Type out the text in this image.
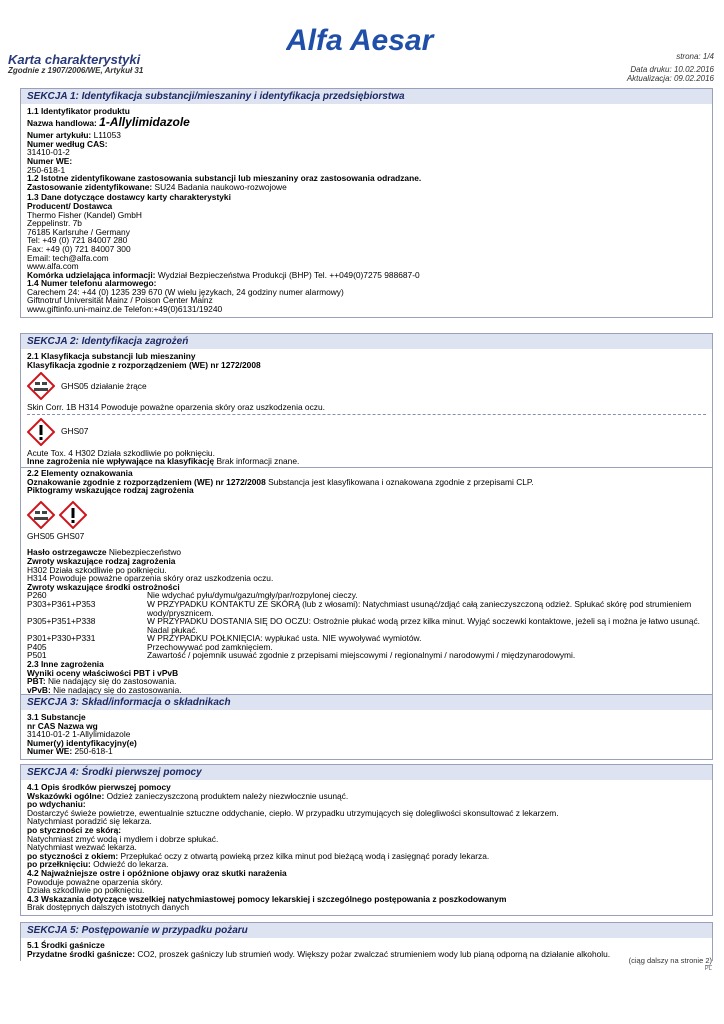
Alfa Aesar
Karta charakterystyki
Zgodnie z 1907/2006/WE, Artykuł 31
strona: 1/4
Data druku: 10.02.2016
Aktualizacja: 09.02.2016
SEKCJA 1: Identyfikacja substancji/mieszaniny i identyfikacja przedsiębiorstwa
1.1 Identyfikator produktu
Nazwa handlowa: 1-Allylimidazole
Numer artykułu: L11053
Numer według CAS:
31410-01-2
Numer WE:
250-618-1
1.2 Istotne zidentyfikowane zastosowania substancji lub mieszaniny oraz zastosowania odradzane.
Zastosowanie zidentyfikowane: SU24 Badania naukowo-rozwojowe
1.3 Dane dotyczące dostawcy karty charakterystyki
Producent/ Dostawca
Thermo Fisher (Kandel) GmbH
Zeppelinstr. 7b
76185 Karlsruhe / Germany
Tel: +49 (0) 721 84007 280
Fax: +49 (0) 721 84007 300
Email: tech@alfa.com
www.alfa.com
Komórka udzielająca informacji: Wydział Bezpieczeństwa Produkcji (BHP) Tel. ++049(0)7275 988687-0
1.4 Numer telefonu alarmowego:
Carechem 24: +44 (0) 1235 239 670 (W wielu językach, 24 godziny numer alarmowy)
Giftnotruf Universität Mainz / Poison Center Mainz
www.giftinfo.uni-mainz.de Telefon:+49(0)6131/19240
SEKCJA 2: Identyfikacja zagrożeń
2.1 Klasyfikacja substancji lub mieszaniny
Klasyfikacja zgodnie z rozporządzeniem (WE) nr 1272/2008
GHS05 działanie żrące
Skin Corr. 1B H314 Powoduje poważne oparzenia skóry oraz uszkodzenia oczu.
GHS07
Acute Tox. 4 H302 Działa szkodliwie po połknięciu.
Inne zagrożenia nie wpływające na klasyfikację Brak informacji znane.
2.2 Elementy oznakowania
Oznakowanie zgodnie z rozporządzeniem (WE) nr 1272/2008 Substancja jest klasyfikowana i oznakowana zgodnie z przepisami CLP.
Piktogramy wskazujące rodzaj zagrożenia
GHS05 GHS07
Hasło ostrzegawcze Niebezpieczeństwo
Zwroty wskazujące rodzaj zagrożenia
H302 Działa szkodliwie po połknięciu.
H314 Powoduje poważne oparzenia skóry oraz uszkodzenia oczu.
Zwroty wskazujące środki ostrożności
P260	Nie wdychać pyłu/dymu/gazu/mgły/par/rozpylonej cieczy.
P303+P361+P353	W PRZYPADKU KONTAKTU ZE SKÓRĄ (lub z włosami): Natychmiast usunąć/zdjąć całą zanieczyszczoną odzież. Spłukać skórę pod strumieniem wody/prysznicem.
P305+P351+P338	W PRZYPADKU DOSTANIA SIĘ DO OCZU: Ostrożnie płukać wodą przez kilka minut. Wyjąć soczewki kontaktowe, jeżeli są i można je łatwo usunąć. Nadal płukać.
P301+P330+P331	W PRZYPADKU POŁKNIĘCIA: wypłukać usta. NIE wywoływać wymiotów.
P405	Przechowywać pod zamknięciem.
P501	Zawartość / pojemnik usuwać zgodnie z przepisami miejscowymi / regionalnymi / narodowymi / międzynarodowymi.
2.3 Inne zagrożenia
Wyniki oceny właściwości PBT i vPvB
PBT: Nie nadający się do zastosowania.
vPvB: Nie nadający się do zastosowania.
SEKCJA 3: Skład/informacja o składnikach
3.1 Substancje
nr CAS Nazwa wg
31410-01-2 1-Allylimidazole
Numer(y) identyfikacyjny(e)
Numer WE: 250-618-1
SEKCJA 4: Środki pierwszej pomocy
4.1 Opis środków pierwszej pomocy
Wskazówki ogólne: Odzież zanieczyszczoną produktem należy niezwłocznie usunąć.
po wdychaniu:
Dostarczyć świeże powietrze, ewentualnie sztuczne oddychanie, ciepło. W przypadku utrzymujących się dolegliwości skonsultować z lekarzem.
Natychmiast poradzić się lekarza.
po styczności ze skórą:
Natychmiast zmyć wodą i mydłem i dobrze spłukać.
Natychmiast wezwać lekarza.
po styczności z okiem: Przepłukać oczy z otwartą powieką przez kilka minut pod bieżącą wodą i zasięgnąć porady lekarza.
po przełknięciu: Odwieźć do lekarza.
4.2 Najważniejsze ostre i opóźnione objawy oraz skutki narażenia
Powoduje poważne oparzenia skóry.
Działa szkodliwie po połknięciu.
4.3 Wskazania dotyczące wszelkiej natychmiastowej pomocy lekarskiej i szczególnego postępowania z poszkodowanym
Brak dostępnych dalszych istotnych danych
SEKCJA 5: Postępowanie w przypadku pożaru
5.1 Środki gaśnicze
Przydatne środki gaśnicze: CO2, proszek gaśniczy lub strumień wody. Większy pożar zwalczać strumieniem wody lub pianą odporną na działanie alkoholu.
(ciąg dalszy na stronie 2)
PL
